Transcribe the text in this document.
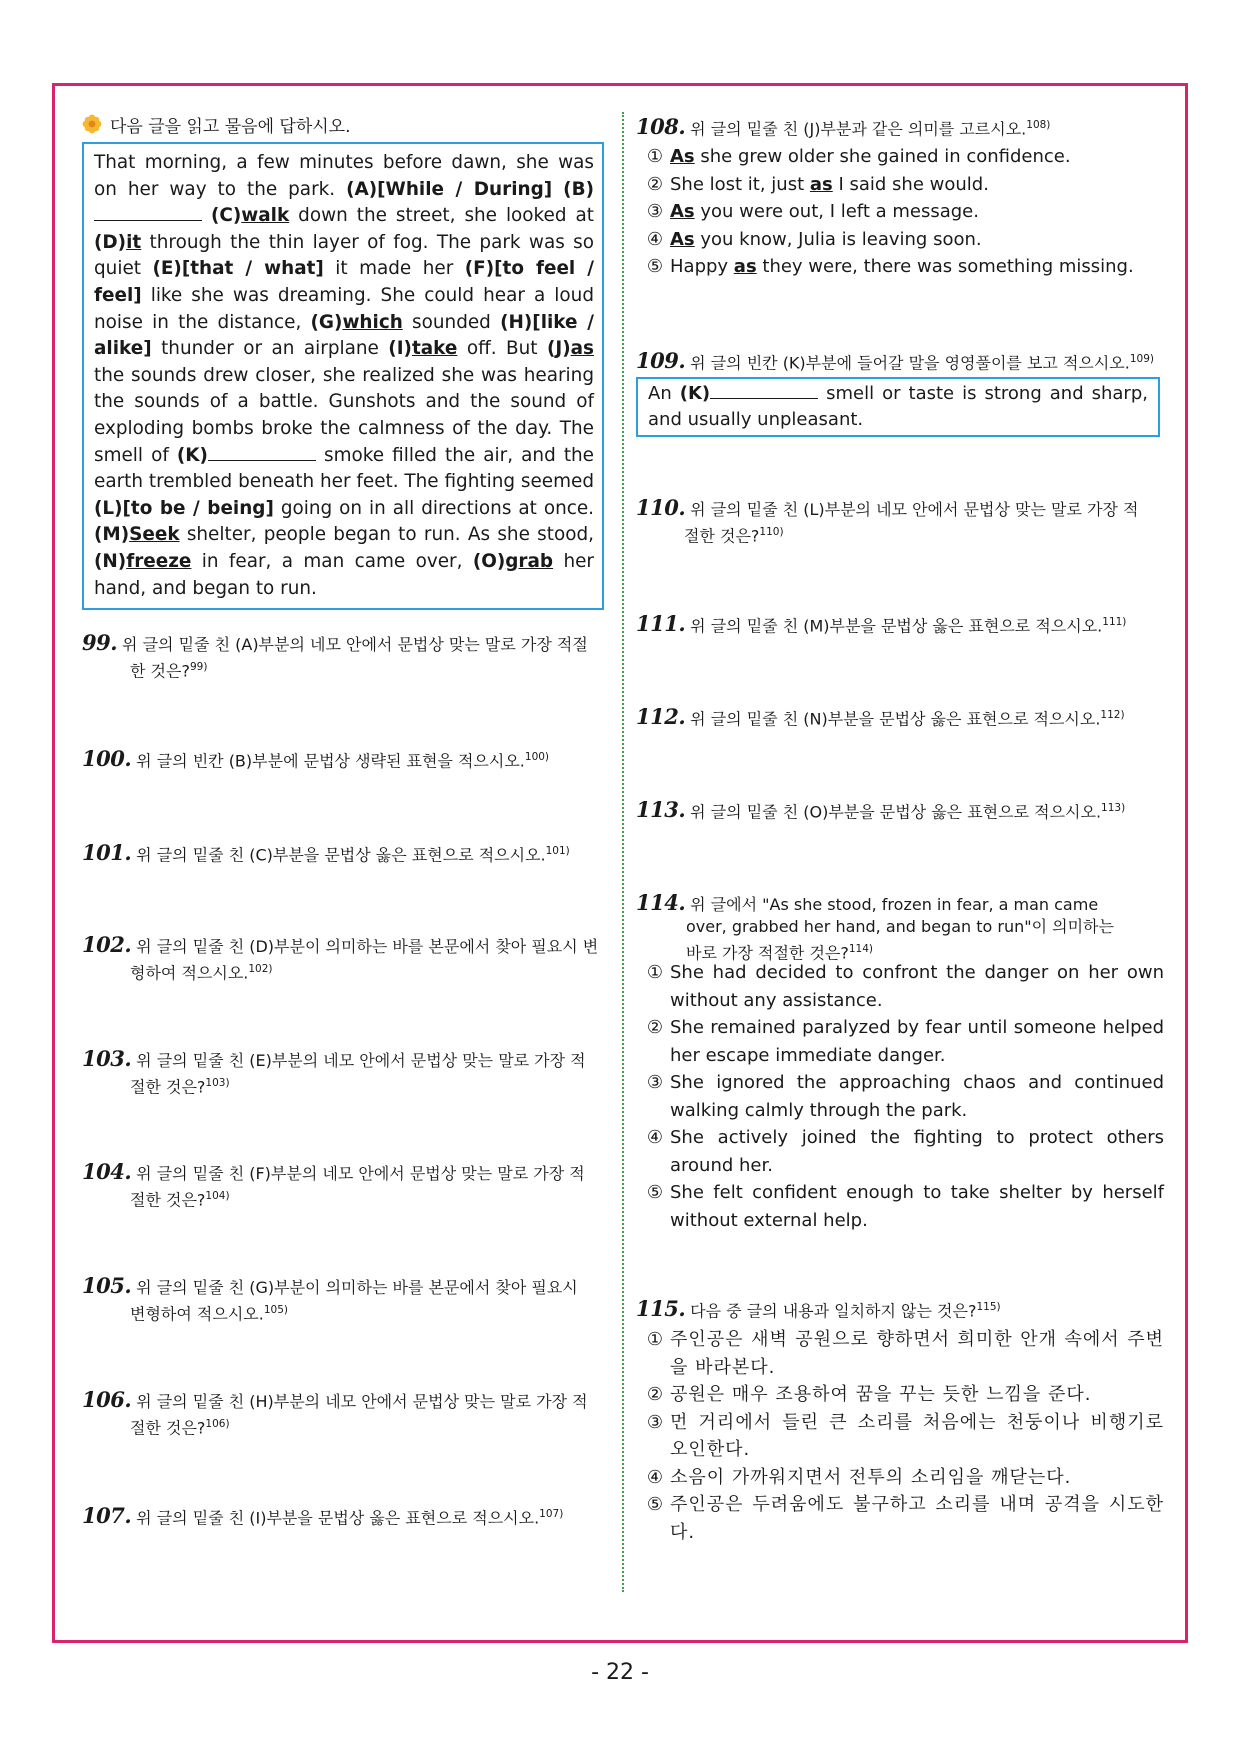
다음 글을 읽고 물음에 답하시오.
That morning, a few minutes before dawn, she was on her way to the park. (A)[While / During] (B) (C)walk down the street, she looked at (D)it through the thin layer of fog. The park was so quiet (E)[that / what] it made her (F)[to feel / feel] like she was dreaming. She could hear a loud noise in the distance, (G)which sounded (H)[like / alike] thunder or an airplane (I)take off. But (J)as the sounds drew closer, she realized she was hearing the sounds of a battle. Gunshots and the sound of exploding bombs broke the calmness of the day. The smell of (K)	smoke filled the air, and the earth trembled beneath her feet. The fighting seemed (L)[to be / being] going on in all directions at once. (M)Seek shelter, people began to run. As she stood, (N)freeze in fear, a man came over, (O)grab her hand, and began to run.
99. 위 글의 밑줄 친 (A)부분의 네모 안에서 문법상 맞는 말로 가장 적절
한 것은?$^{99)}$
100. 위 글의 빈칸 (B)부분에 문법상 생략된 표현을 적으시오.$^{100)}$
101. 위 글의 밑줄 친 (C)부분을 문법상 옳은 표현으로 적으시오.$^{101)}$
102. 위 글의 밑줄 친 (D)부분이 의미하는 바를 본문에서 찾아 필요시 변
형하여 적으시오.$^{102)}$
103. 위 글의 밑줄 친 (E)부분의 네모 안에서 문법상 맞는 말로 가장 적
절한 것은?$^{103)}$
104. 위 글의 밑줄 친 (F)부분의 네모 안에서 문법상 맞는 말로 가장 적
절한 것은?$^{104)}$
105. 위 글의 밑줄 친 (G)부분이 의미하는 바를 본문에서 찾아 필요시
변형하여 적으시오.$^{105)}$
106. 위 글의 밑줄 친 (H)부분의 네모 안에서 문법상 맞는 말로 가장 적
절한 것은?$^{106)}$
107. 위 글의 밑줄 친 (I)부분을 문법상 옳은 표현으로 적으시오.$^{107)}$
108. 위 글의 밑줄 친 (J)부분과 같은 의미를 고르시오.$^{108)}$
① As she grew older she gained in confidence.
② She lost it, just as I said she would.
③ As you were out, I left a message.
④ As you know, Julia is leaving soon.
⑤ Happy as they were, there was something missing.
109. 위 글의 빈칸 (K)부분에 들어갈 말을 영영풀이를 보고 적으시오.$^{109)}$
An (K)	smell or taste is strong and sharp, and usually unpleasant.
110. 위 글의 밑줄 친 (L)부분의 네모 안에서 문법상 맞는 말로 가장 적
절한 것은?$^{110)}$
111. 위 글의 밑줄 친 (M)부분을 문법상 옳은 표현으로 적으시오.$^{111)}$
112. 위 글의 밑줄 친 (N)부분을 문법상 옳은 표현으로 적으시오.$^{112)}$
113. 위 글의 밑줄 친 (O)부분을 문법상 옳은 표현으로 적으시오.$^{113)}$
114. 위 글에서 "As she stood, frozen in fear, a man came
over, grabbed her hand, and began to run"이 의미하는
바로 가장 적절한 것은?$^{114)}$
① She had decided to confront the danger on her own without any assistance.
② She remained paralyzed by fear until someone helped her escape immediate danger.
③ She ignored the approaching chaos and continued walking calmly through the park.
④ She actively joined the fighting to protect others around her.
⑤ She felt confident enough to take shelter by herself without external help.
115. 다음 중 글의 내용과 일치하지 않는 것은?$^{115)}$
① 주인공은 새벽 공원으로 향하면서 희미한 안개 속에서 주변을 바라본다.
② 공원은 매우 조용하여 꿈을 꾸는 듯한 느낌을 준다.
③ 먼 거리에서 들린 큰 소리를 처음에는 천둥이나 비행기로 오인한다.
④ 소음이 가까워지면서 전투의 소리임을 깨닫는다.
⑤ 주인공은 두려움에도 불구하고 소리를 내며 공격을 시도한다.
- 22 -
